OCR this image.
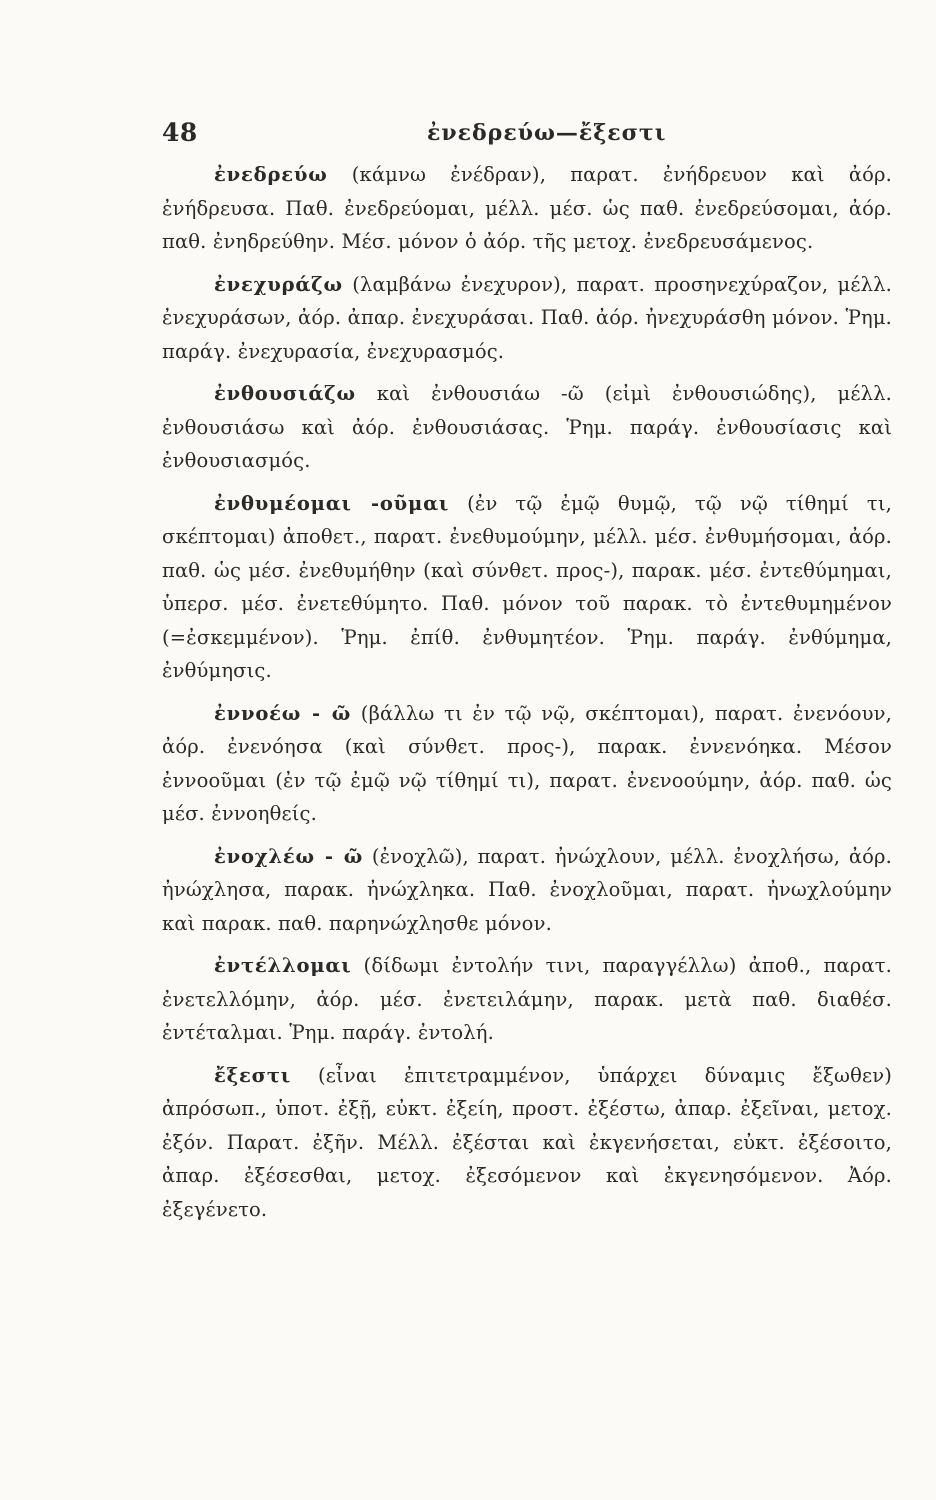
48	ἐνεδρεύω—ἔξεστι

ἐνεδρεύω (κάμνω ἐνέδραν), παρατ. ἐνήδρευον καὶ ἀόρ. ἐνήδρευσα. Παθ. ἐνεδρεύομαι, μέλλ. μέσ. ὡς παθ. ἐνεδρεύσομαι, ἀόρ. παθ. ἐνηδρεύθην. Μέσ. μόνον ὁ ἀόρ. τῆς μετοχ. ἐνεδρευσάμενος.

ἐνεχυράζω (λαμβάνω ἐνεχυρον), παρατ. προσηνεχύραζον, μέλλ. ἐνεχυράσων, ἀόρ. ἀπαρ. ἐνεχυράσαι. Παθ. ἀόρ. ἠνεχυράσθη μόνον. Ῥημ. παράγ. ἐνεχυρασία, ἐνεχυρασμός.

ἐνθουσιάζω καὶ ἐνθουσιάω -ῶ (εἰμὶ ἐνθουσιώδης), μέλλ. ἐνθουσιάσω καὶ ἀόρ. ἐνθουσιάσας. Ῥημ. παράγ. ἐνθουσίασις καὶ ἐνθουσιασμός.

ἐνθυμέομαι -οῦμαι (ἐν τῷ ἐμῷ θυμῷ, τῷ νῷ τίθημί τι, σκέπτομαι) ἀποθετ., παρατ. ἐνεθυμούμην, μέλλ. μέσ. ἐνθυμήσομαι, ἀόρ. παθ. ὡς μέσ. ἐνεθυμήθην (καὶ σύνθετ. προς-), παρακ. μέσ. ἐντεθύμημαι, ὑπερσ. μέσ. ἐνετεθύμητο. Παθ. μόνον τοῦ παρακ. τὸ ἐντεθυμημένον (=ἐσκεμμένον). Ῥημ. ἐπίθ. ἐνθυμητέον. Ῥημ. παράγ. ἐνθύμημα, ἐνθύμησις.

ἐννοέω - ῶ (βάλλω τι ἐν τῷ νῷ, σκέπτομαι), παρατ. ἐνενόουν, ἀόρ. ἐνενόησα (καὶ σύνθετ. προς-), παρακ. ἐννενόηκα. Μέσον ἐννοοῦμαι (ἐν τῷ ἐμῷ νῷ τίθημί τι), παρατ. ἐνενοούμην, ἀόρ. παθ. ὡς μέσ. ἐννοηθείς.

ἐνοχλέω - ῶ (ἐνοχλῶ), παρατ. ἠνώχλουν, μέλλ. ἐνοχλήσω, ἀόρ. ἠνώχλησα, παρακ. ἠνώχληκα. Παθ. ἐνοχλοῦμαι, παρατ. ἠνωχλούμην καὶ παρακ. παθ. παρηνώχλησθε μόνον.

ἐντέλλομαι (δίδωμι ἐντολήν τινι, παραγγέλλω) ἀποθ., παρατ. ἐνετελλόμην, ἀόρ. μέσ. ἐνετειλάμην, παρακ. μετὰ παθ. διαθέσ. ἐντέταλμαι. Ῥημ. παράγ. ἐντολή.

ἔξεστι (εἶναι ἐπιτετραμμένον, ὑπάρχει δύναμις ἔξωθεν) ἀπρόσωπ., ὑποτ. ἐξῇ, εὐκτ. ἐξείη, προστ. ἐξέστω, ἀπαρ. ἐξεῖναι, μετοχ. ἐξόν. Παρατ. ἐξῆν. Μέλλ. ἐξέσται καὶ ἐκγενήσεται, εὐκτ. ἐξέσοιτο, ἀπαρ. ἐξέσεσθαι, μετοχ. ἐξεσόμενον καὶ ἐκγενησόμενον. Ἀόρ. ἐξεγένετο.
